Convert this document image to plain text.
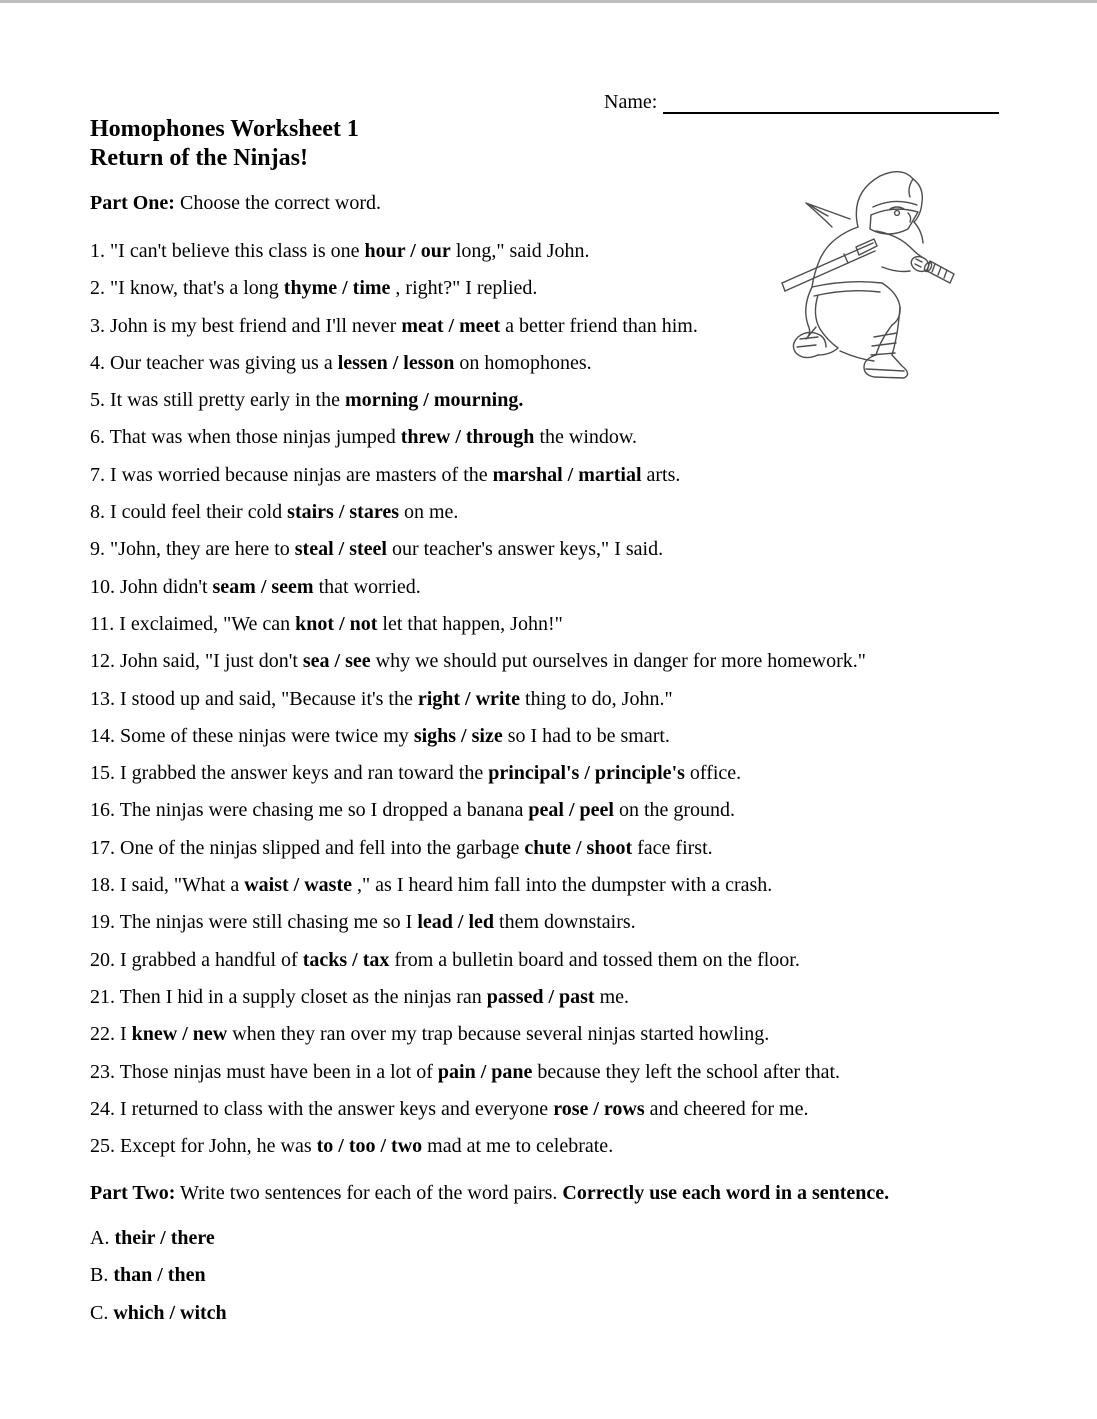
Name:
Homophones Worksheet 1
Return of the Ninjas!
Part One: Choose the correct word.
1. "I can't believe this class is one hour / our long," said John.
2. "I know, that's a long thyme / time , right?" I replied.
3. John is my best friend and I'll never meat / meet a better friend than him.
4. Our teacher was giving us a lessen / lesson on homophones.
5. It was still pretty early in the morning / mourning.
6. That was when those ninjas jumped threw / through the window.
7. I was worried because ninjas are masters of the marshal / martial arts.
8. I could feel their cold stairs / stares on me.
9. "John, they are here to steal / steel our teacher's answer keys," I said.
10. John didn't seam / seem that worried.
11. I exclaimed, "We can knot / not let that happen, John!"
12. John said, "I just don't sea / see why we should put ourselves in danger for more homework."
13. I stood up and said, "Because it's the right / write thing to do, John."
14. Some of these ninjas were twice my sighs / size so I had to be smart.
15. I grabbed the answer keys and ran toward the principal's / principle's office.
16. The ninjas were chasing me so I dropped a banana peal / peel on the ground.
17. One of the ninjas slipped and fell into the garbage chute / shoot face first.
18. I said, "What a waist / waste ," as I heard him fall into the dumpster with a crash.
19. The ninjas were still chasing me so I lead / led them downstairs.
20. I grabbed a handful of tacks / tax from a bulletin board and tossed them on the floor.
21. Then I hid in a supply closet as the ninjas ran passed / past me.
22. I knew / new when they ran over my trap because several ninjas started howling.
23. Those ninjas must have been in a lot of pain / pane because they left the school after that.
24. I returned to class with the answer keys and everyone rose / rows and cheered for me.
25. Except for John, he was to / too / two mad at me to celebrate.
Part Two: Write two sentences for each of the word pairs. Correctly use each word in a sentence.
A. their / there
B. than / then
C. which / witch
